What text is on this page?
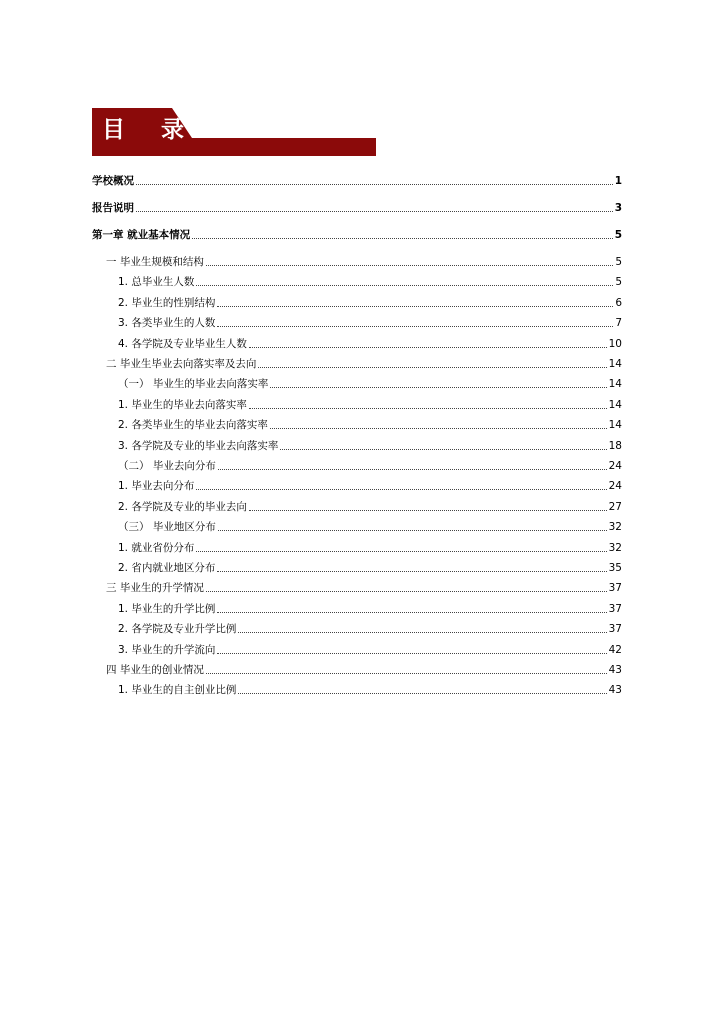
目 录
学校概况	1
报告说明	3
第一章 就业基本情况	5
一 毕业生规模和结构	5
1. 总毕业生人数	5
2. 毕业生的性别结构	6
3. 各类毕业生的人数	7
4. 各学院及专业毕业生人数	10
二 毕业生毕业去向落实率及去向	14
（一） 毕业生的毕业去向落实率	14
1. 毕业生的毕业去向落实率	14
2. 各类毕业生的毕业去向落实率	14
3. 各学院及专业的毕业去向落实率	18
（二） 毕业去向分布	24
1. 毕业去向分布	24
2. 各学院及专业的毕业去向	27
（三） 毕业地区分布	32
1. 就业省份分布	32
2. 省内就业地区分布	35
三 毕业生的升学情况	37
1. 毕业生的升学比例	37
2. 各学院及专业升学比例	37
3. 毕业生的升学流向	42
四 毕业生的创业情况	43
1. 毕业生的自主创业比例	43
